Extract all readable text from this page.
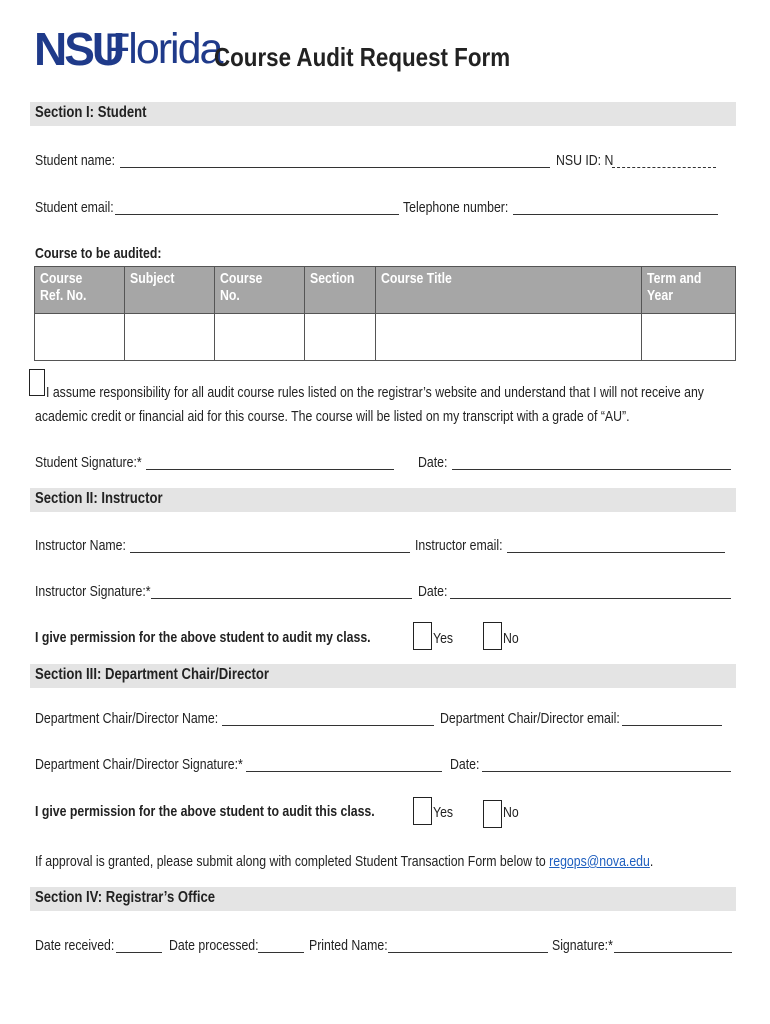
NSU
Florida
Course Audit Request Form
Section I: Student
Student name:	NSU ID: N
Student email:	Telephone number:
Course to be audited:
Course Ref. No.	Subject	Course No.	Section	Course Title	Term and Year

I assume responsibility for all audit course rules listed on the registrar’s website and understand that I will not receive any
academic credit or financial aid for this course. The course will be listed on my transcript with a grade of “AU”.
Student Signature:*	Date:
Section II: Instructor
Instructor Name:	Instructor email:
Instructor Signature:*	Date:
I give permission for the above student to audit my class.	Yes	No
Section III: Department Chair/Director
Department Chair/Director Name:	Department Chair/Director email:
Department Chair/Director Signature:*	Date:
I give permission for the above student to audit this class.	Yes	No
If approval is granted, please submit along with completed Student Transaction Form below to regops@nova.edu.
Section IV: Registrar’s Office
Date received:	Date processed:	Printed Name:	Signature:*
